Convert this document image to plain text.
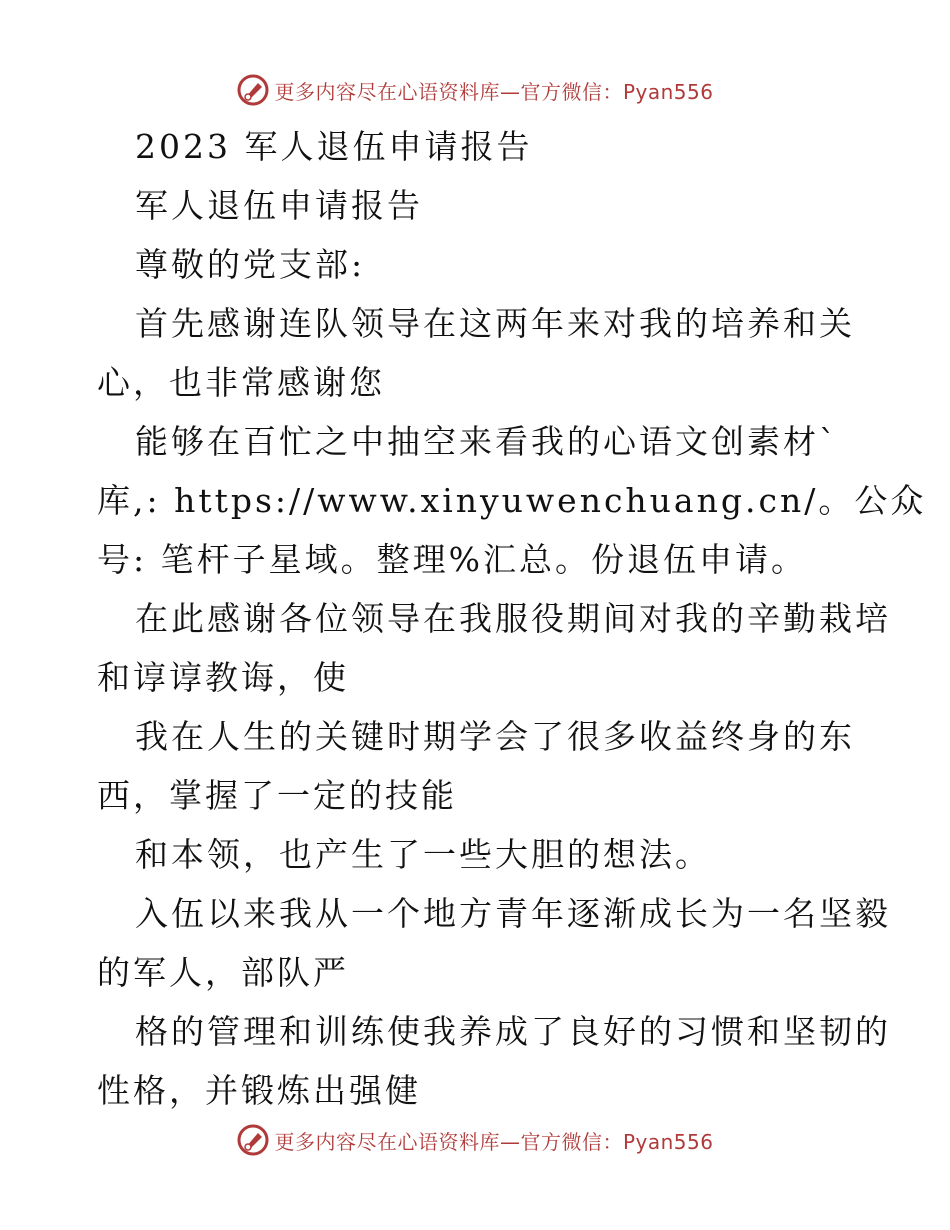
更多内容尽在心语资料库—官方微信：Pyan556
2023 军人退伍申请报告
军人退伍申请报告
尊敬的党支部:
首先感谢连队领导在这两年来对我的培养和关
心，也非常感谢您
能够在百忙之中抽空来看我的心语文创素材`
库,: https://www.xinyuwenchuang.cn/。公众
号: 笔杆子星域。整理%汇总。份退伍申请。
在此感谢各位领导在我服役期间对我的辛勤栽培
和谆谆教诲，使
我在人生的关键时期学会了很多收益终身的东
西，掌握了一定的技能
和本领，也产生了一些大胆的想法。
入伍以来我从一个地方青年逐渐成长为一名坚毅
的军人，部队严
格的管理和训练使我养成了良好的习惯和坚韧的
性格，并锻炼出强健
更多内容尽在心语资料库—官方微信：Pyan556
